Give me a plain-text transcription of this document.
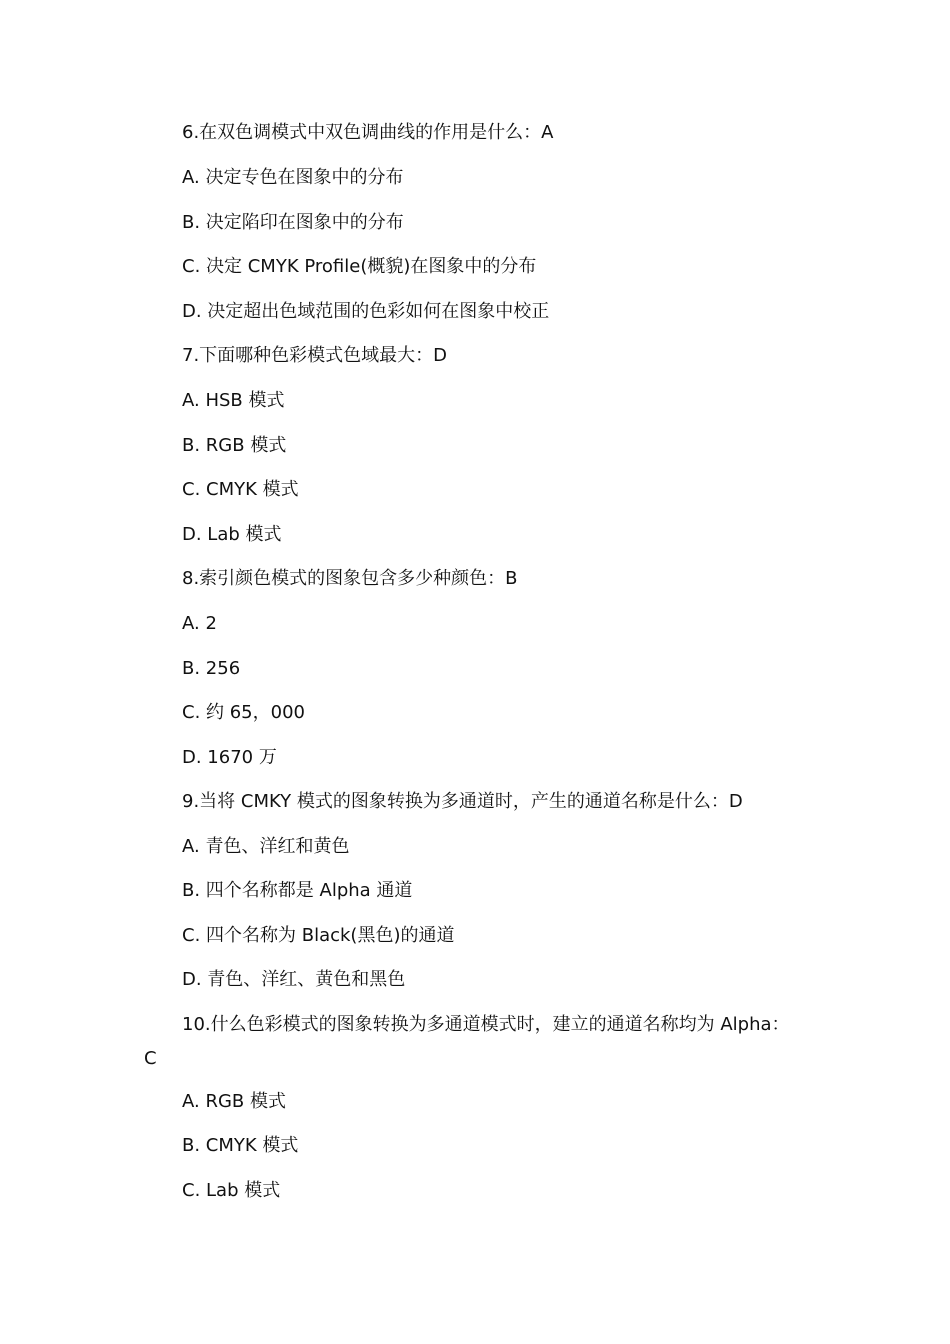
6.在双色调模式中双色调曲线的作用是什么：A
A. 决定专色在图象中的分布
B. 决定陷印在图象中的分布
C. 决定 CMYK Profile(概貌)在图象中的分布
D. 决定超出色域范围的色彩如何在图象中校正
7.下面哪种色彩模式色域最大：D
A. HSB 模式
B. RGB 模式
C. CMYK 模式
D. Lab 模式
8.索引颜色模式的图象包含多少种颜色：B
A. 2
B. 256
C. 约 65，000
D. 1670 万
9.当将 CMKY 模式的图象转换为多通道时，产生的通道名称是什么：D
A. 青色、洋红和黄色
B. 四个名称都是 Alpha 通道
C. 四个名称为 Black(黑色)的通道
D. 青色、洋红、黄色和黑色
10.什么色彩模式的图象转换为多通道模式时，建立的通道名称均为 Alpha：
C
A. RGB 模式
B. CMYK 模式
C. Lab 模式
